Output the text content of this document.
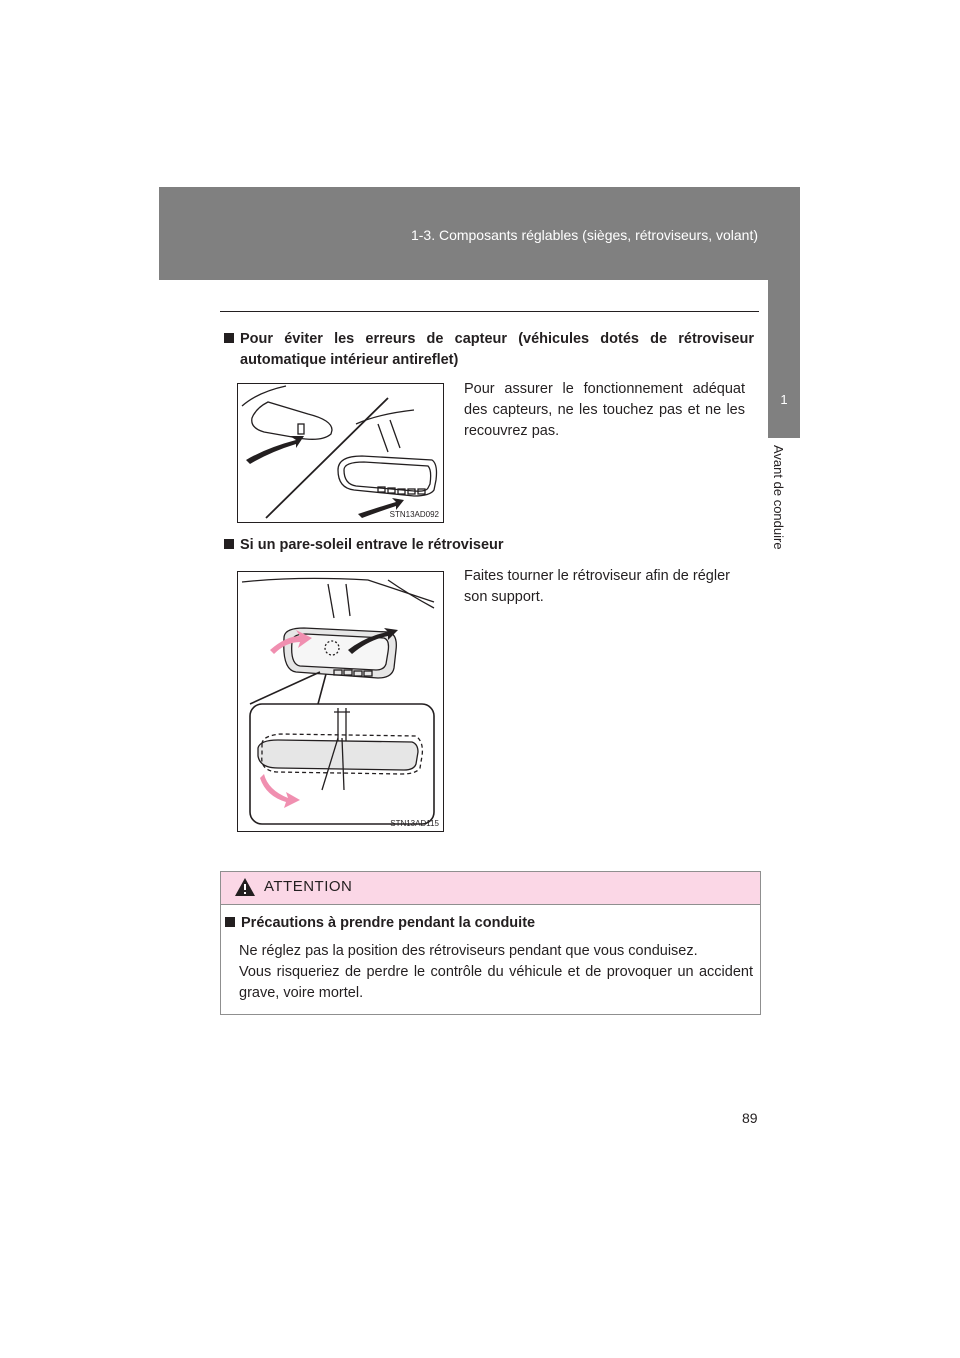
1-3. Composants réglables (sièges, rétroviseurs, volant)
1
Avant de conduire
Pour éviter les erreurs de capteur (véhicules dotés de rétroviseur
automatique intérieur antireflet)
STN13AD092
Pour assurer le fonctionnement adéquat des capteurs, ne les touchez pas et ne les recouvrez pas.
Si un pare-soleil entrave le rétroviseur
STN13AD115
Faites tourner le rétroviseur afin de régler son support.
ATTENTION
Précautions à prendre pendant la conduite

Ne réglez pas la position des rétroviseurs pendant que vous conduisez.

Vous risqueriez de perdre le contrôle du véhicule et de provoquer un accident grave, voire mortel.

89
